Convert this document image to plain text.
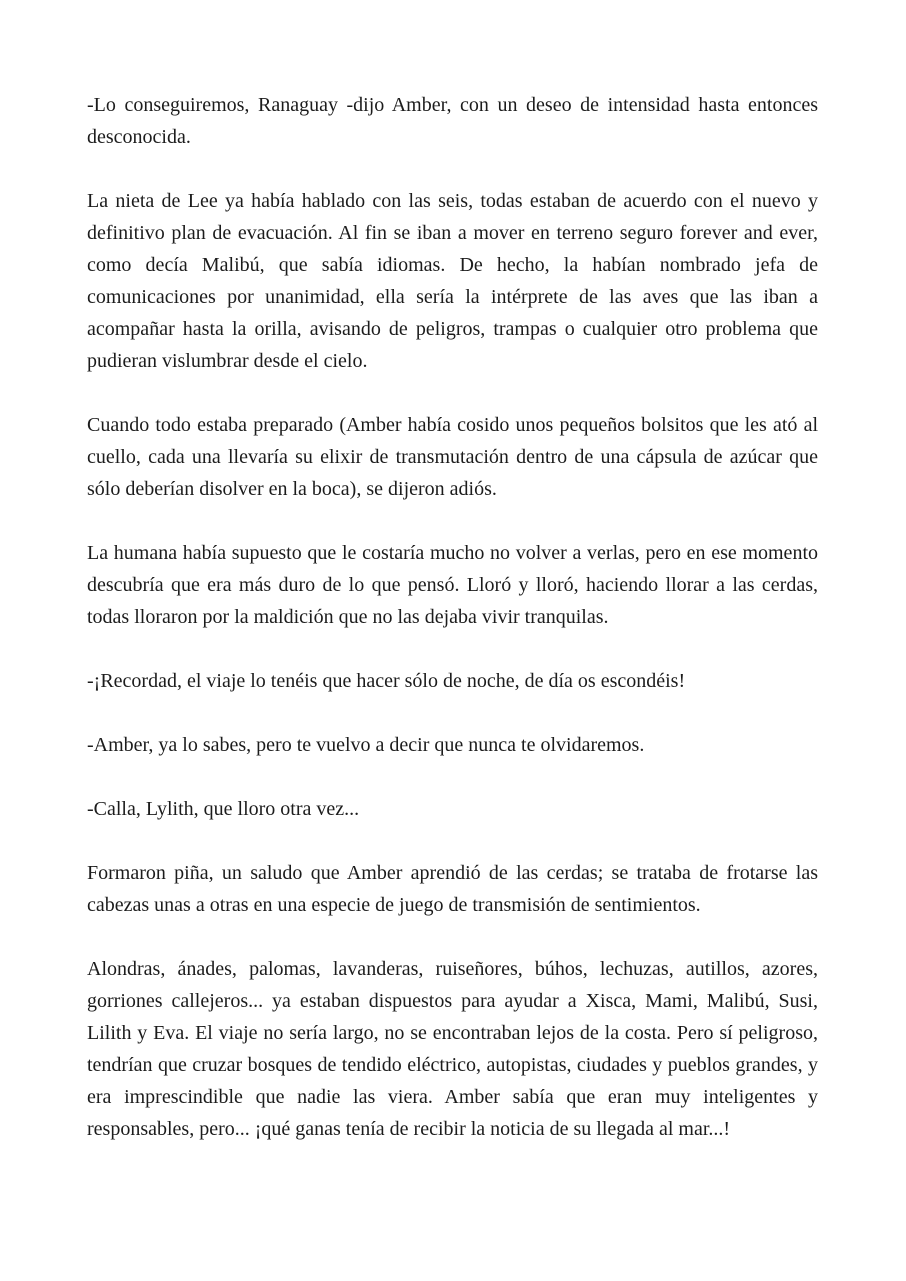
-Lo conseguiremos, Ranaguay -dijo Amber, con un deseo de intensidad hasta entonces desconocida.

La nieta de Lee ya había hablado con las seis, todas estaban de acuerdo con el nuevo y definitivo plan de evacuación. Al fin se iban a mover en terreno seguro forever and ever, como decía Malibú, que sabía idiomas. De hecho, la habían nombrado jefa de comunicaciones por unanimidad, ella sería la intérprete de las aves que las iban a acompañar hasta la orilla, avisando de peligros, trampas o cualquier otro problema que pudieran vislumbrar desde el cielo.

Cuando todo estaba preparado (Amber había cosido unos pequeños bolsitos que les ató al cuello, cada una llevaría su elixir de transmutación dentro de una cápsula de azúcar que sólo deberían disolver en la boca), se dijeron adiós.

La humana había supuesto que le costaría mucho no volver a verlas, pero en ese momento descubría que era más duro de lo que pensó. Lloró y lloró, haciendo llorar a las cerdas, todas lloraron por la maldición que no las dejaba vivir tranquilas.

-¡Recordad, el viaje lo tenéis que hacer sólo de noche, de día os escondéis!

-Amber, ya lo sabes, pero te vuelvo a decir que nunca te olvidaremos.

-Calla, Lylith, que lloro otra vez...

Formaron piña, un saludo que Amber aprendió de las cerdas; se trataba de frotarse las cabezas unas a otras en una especie de juego de transmisión de sentimientos.

Alondras, ánades, palomas, lavanderas, ruiseñores, búhos, lechuzas, autillos, azores, gorriones callejeros... ya estaban dispuestos para ayudar a Xisca, Mami, Malibú, Susi, Lilith y Eva. El viaje no sería largo, no se encontraban lejos de la costa. Pero sí peligroso, tendrían que cruzar bosques de tendido eléctrico, autopistas, ciudades y pueblos grandes, y era imprescindible que nadie las viera. Amber sabía que eran muy inteligentes y responsables, pero... ¡qué ganas tenía de recibir la noticia de su llegada al mar...!
